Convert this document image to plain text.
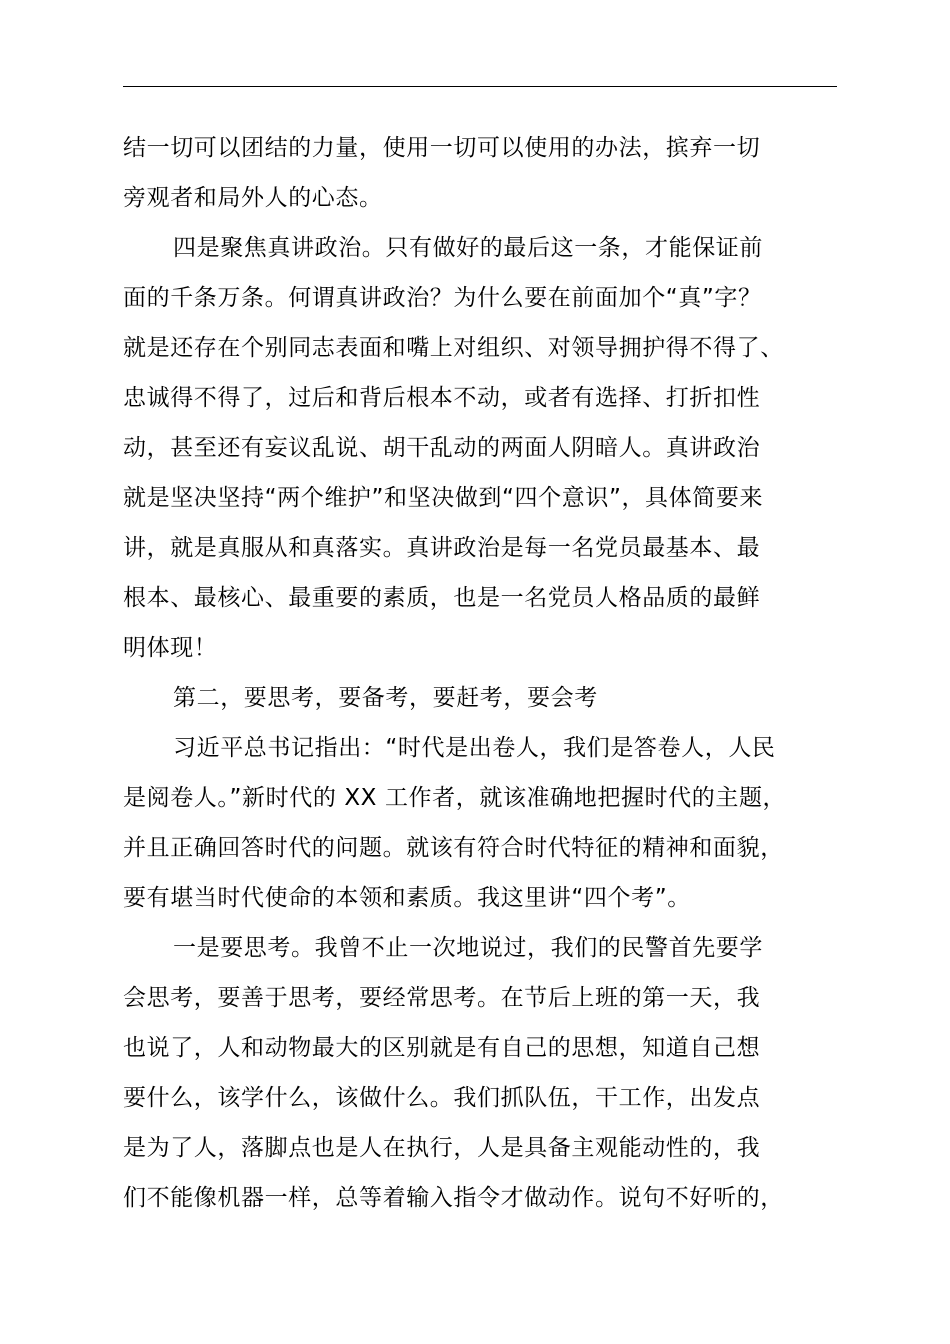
结一切可以团结的力量，使用一切可以使用的办法，摈弃一切
旁观者和局外人的心态。
四是聚焦真讲政治。只有做好的最后这一条，才能保证前
面的千条万条。何谓真讲政治？为什么要在前面加个“真”字？
就是还存在个别同志表面和嘴上对组织、对领导拥护得不得了、
忠诚得不得了，过后和背后根本不动，或者有选择、打折扣性
动，甚至还有妄议乱说、胡干乱动的两面人阴暗人。真讲政治
就是坚决坚持“两个维护”和坚决做到“四个意识”，具体简要来
讲，就是真服从和真落实。真讲政治是每一名党员最基本、最
根本、最核心、最重要的素质，也是一名党员人格品质的最鲜
明体现！
第二，要思考，要备考，要赶考，要会考
习近平总书记指出：“时代是出卷人，我们是答卷人，人民
是阅卷人。”新时代的 XX 工作者，就该准确地把握时代的主题，
并且正确回答时代的问题。就该有符合时代特征的精神和面貌，
要有堪当时代使命的本领和素质。我这里讲“四个考”。
一是要思考。我曾不止一次地说过，我们的民警首先要学
会思考，要善于思考，要经常思考。在节后上班的第一天，我
也说了，人和动物最大的区别就是有自己的思想，知道自己想
要什么，该学什么，该做什么。我们抓队伍，干工作，出发点
是为了人，落脚点也是人在执行，人是具备主观能动性的，我
们不能像机器一样，总等着输入指令才做动作。说句不好听的，
